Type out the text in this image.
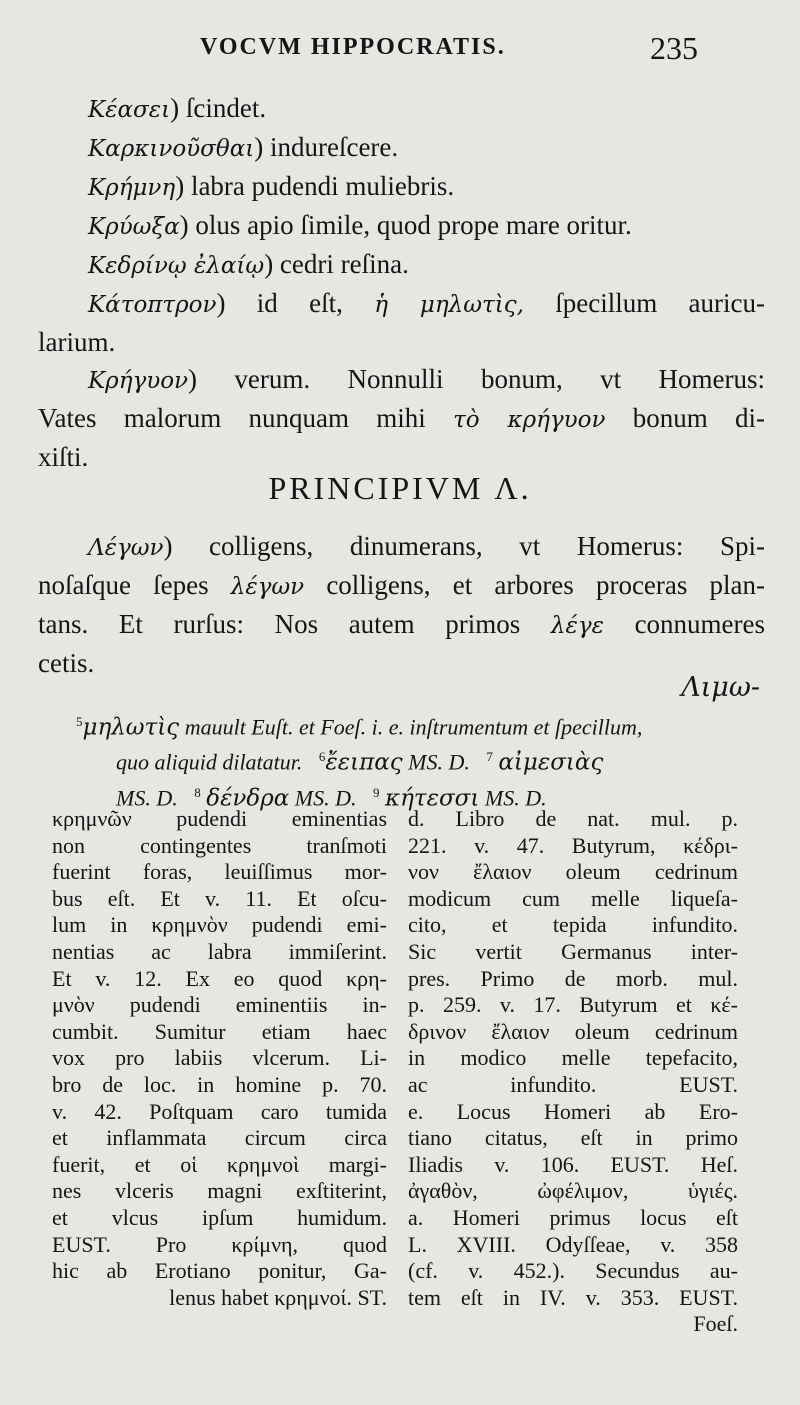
VOCVM HIPPOCRATIS.	235
Κέασει) ſcindet.
Καρκινοῦσθαι) indureſcere.
Κρήμνη) labra pudendi muliebris.
Κρύωξα) olus apio ſimile, quod prope mare oritur.
Κεδρίνῳ ἐλαίῳ) cedri reſina.
Κάτοπτρον) id eſt, ἡ μηλωτὶς, ſpecillum auricu-
larium.
Κρήγυον) verum. Nonnulli bonum, vt Homerus:
Vates malorum nunquam mihi τὸ κρήγυον bonum di-
xiſti.
PRINCIPIVM Λ.
Λέγων) colligens, dinumerans, vt Homerus: Spi-
noſaſque ſepes λέγων colligens, et arbores proceras plan-
tans. Et rurſus: Nos autem primos λέγε connumeres
cetis.
Λιμω-
$^5$μηλωτὶς mauult Euſt. et Foeſ. i. e. inſtrumentum et ſpecillum,
quo aliquid dilatatur. $^6$ἔειπας MS. D. $^7$ αἰμεσιὰς
MS. D. $^8$ δένδρα MS. D. $^9$ κήτεσσι MS. D.
κρημνῶν pudendi eminentias
non contingentes tranſmoti
fuerint foras, leuiſſimus mor-
bus eſt. Et v. 11. Et oſcu-
lum in κρημνὸν pudendi emi-
nentias ac labra immiſerint.
Et v. 12. Ex eo quod κρη-
μνὸν pudendi eminentiis in-
cumbit. Sumitur etiam haec
vox pro labiis vlcerum. Li-
bro de loc. in homine p. 70.
v. 42. Poſtquam caro tumida
et inflammata circum circa
fuerit, et οἱ κρημνοὶ margi-
nes vlceris magni exſtiterint,
et vlcus ipſum humidum.
EUST. Pro κρίμνη, quod
hic ab Erotiano ponitur, Ga-
lenus habet κρημνοί. ST.
d. Libro de nat. mul. p.
221. v. 47. Butyrum, κέδρι-
νον ἔλαιον oleum cedrinum
modicum cum melle liqueſa-
cito, et tepida infundito.
Sic vertit Germanus inter-
pres. Primo de morb. mul.
p. 259. v. 17. Butyrum et κέ-
δρινον ἔλαιον oleum cedrinum
in modico melle tepefacito,
ac infundito. EUST.
e. Locus Homeri ab Ero-
tiano citatus, eſt in primo
Iliadis v. 106. EUST. Heſ.
ἀγαθὸν, ὠφέλιμον, ὑγιές.
a. Homeri primus locus eſt
L. XVIII. Odyſſeae, v. 358
(cf. v. 452.). Secundus au-
tem eſt in IV. v. 353. EUST.
Foeſ.
